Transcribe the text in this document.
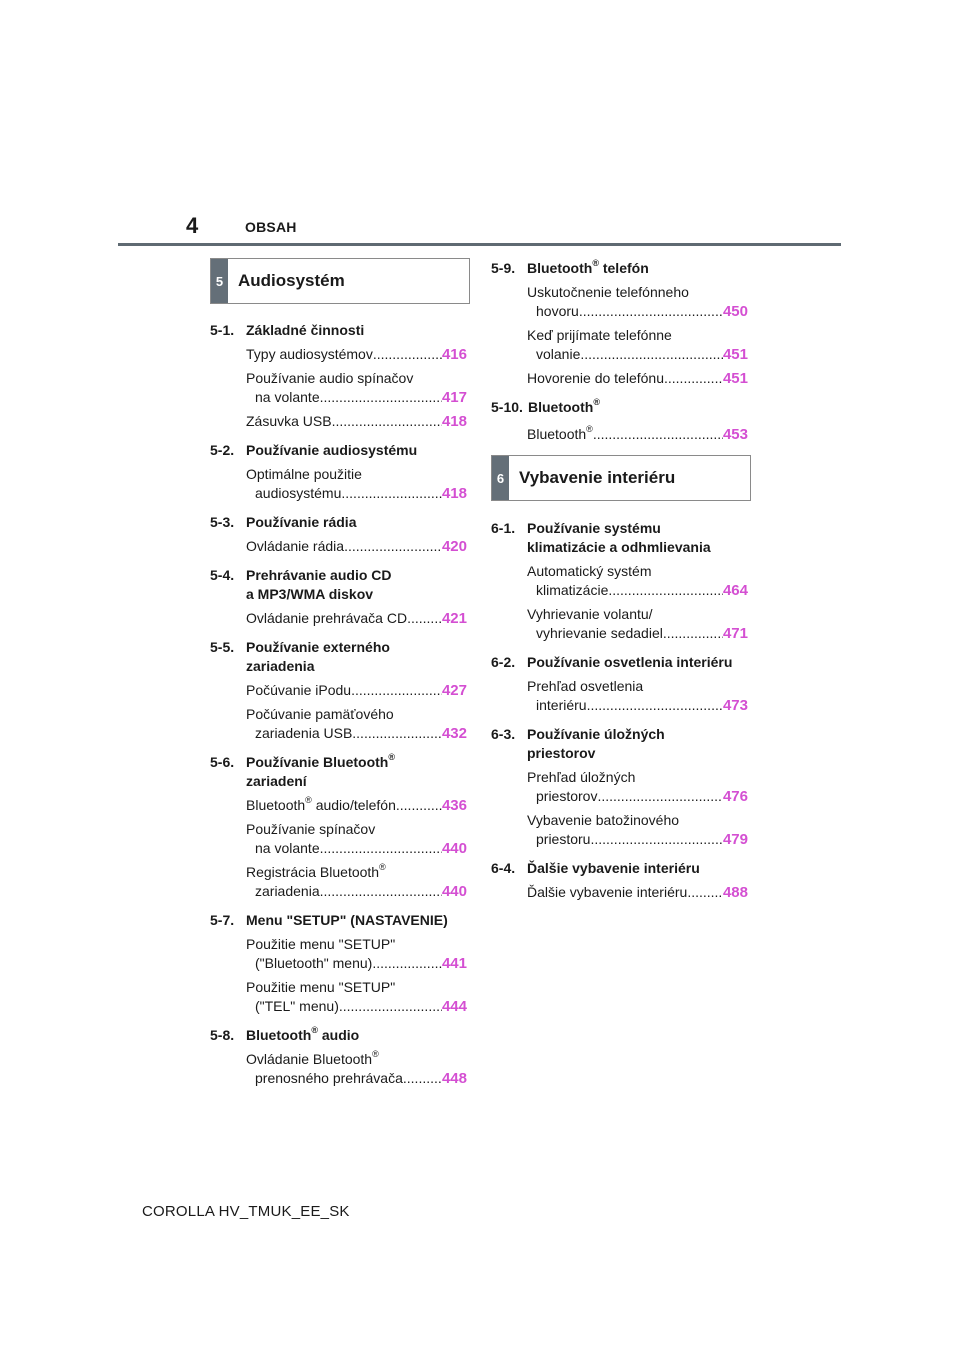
4	OBSAH
5 Audiosystém
6 Vybavenie interiéru
5-1. Základné činnosti
Typy audiosystémov .....	416
Používanie audio spínačov
na volante .....	417
Zásuvka USB .....	418
5-2. Používanie audiosystému
Optimálne použitie
audiosystému .....	418
5-3. Používanie rádia
Ovládanie rádia .....	420
5-4. Prehrávanie audio CD
a MP3/WMA diskov
Ovládanie prehrávača CD ..... 421
5-5. Používanie externého
zariadenia
Počúvanie iPodu .....	427
Počúvanie pamäťového
zariadenia USB .....	432
5-6. Používanie Bluetooth®
zariadení
Bluetooth® audio/telefón .....	436
Používanie spínačov
na volante .....	440
Registrácia Bluetooth®
zariadenia .....	440
5-7. Menu "SETUP" (NASTAVENIE)
Použitie menu "SETUP"
("Bluetooth" menu) .....	441
Použitie menu "SETUP"
("TEL" menu) .....	444
5-8. Bluetooth® audio
Ovládanie Bluetooth®
prenosného prehrávača .....	448
5-9. Bluetooth® telefón
Uskutočnenie telefónneho
hovoru .....	450
Keď prijímate telefónne
volanie .....	451
Hovorenie do telefónu .....	451
5-10. Bluetooth®
Bluetooth® .....	453
6-1. Používanie systému
klimatizácie a odhmlievania
Automatický systém
klimatizácie .....	464
Vyhrievanie volantu/
vyhrievanie sedadiel .....	471
6-2. Používanie osvetlenia interiéru
Prehľad osvetlenia
interiéru .....	473
6-3. Používanie úložných
priestorov
Prehľad úložných
priestorov .....	476
Vybavenie batožinového
priestoru .....	479
6-4. Ďalšie vybavenie interiéru
Ďalšie vybavenie interiéru ..... 488
COROLLA HV_TMUK_EE_SK
